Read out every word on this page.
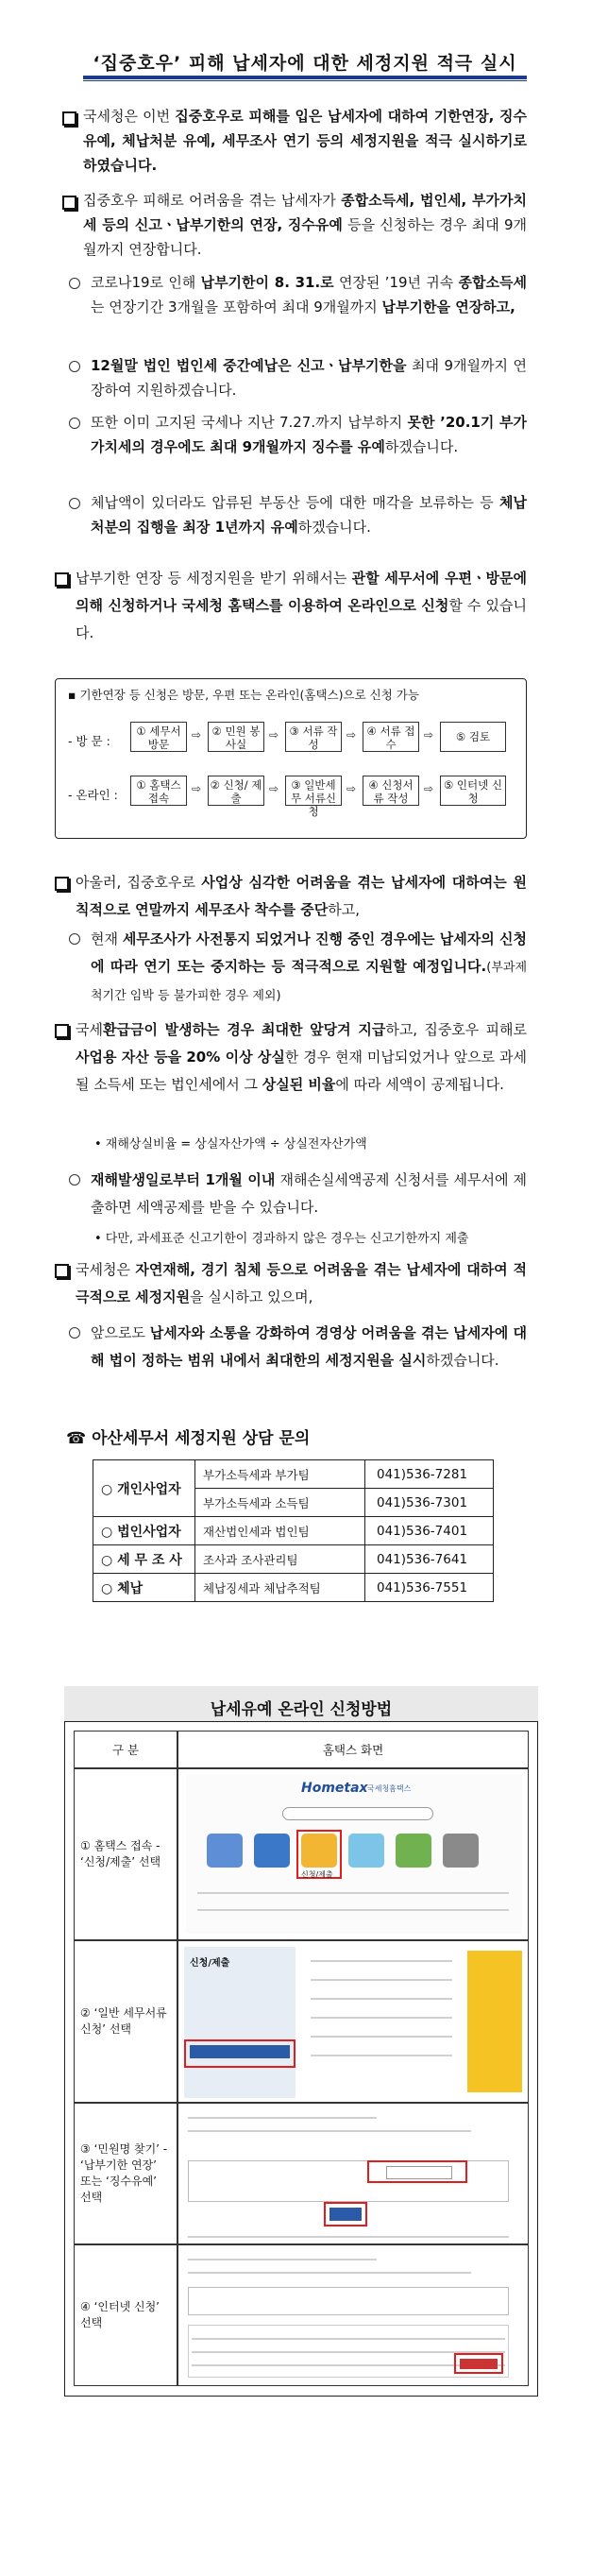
‘집중호우’ 피해 납세자에 대한 세정지원 적극 실시
국세청은 이번 집중호우로 피해를 입은 납세자에 대하여 기한연장, 징수유예, 체납처분 유예, 세무조사 연기 등의 세정지원을 적극 실시하기로 하였습니다.
집중호우 피해로 어려움을 겪는 납세자가 종합소득세, 법인세, 부가가치세 등의 신고ㆍ납부기한의 연장, 징수유예 등을 신청하는 경우 최대 9개월까지 연장합니다.
코로나19로 인해 납부기한이 8. 31.로 연장된 ’19년 귀속 종합소득세는 연장기간 3개월을 포함하여 최대 9개월까지 납부기한을 연장하고,
12월말 법인 법인세 중간예납은 신고ㆍ납부기한을 최대 9개월까지 연장하여 지원하겠습니다.
또한 이미 고지된 국세나 지난 7.27.까지 납부하지 못한 ’20.1기 부가가치세의 경우에도 최대 9개월까지 징수를 유예하겠습니다.
체납액이 있더라도 압류된 부동산 등에 대한 매각을 보류하는 등 체납처분의 집행을 최장 1년까지 유예하겠습니다.
납부기한 연장 등 세정지원을 받기 위해서는 관할 세무서에 우편ㆍ방문에 의해 신청하거나 국세청 홈택스를 이용하여 온라인으로 신청할 수 있습니다.
▪ 기한연장 등 신청은 방문, 우편 또는 온라인(홈택스)으로 신청 가능
- 방 문 :
① 세무서 방문
⇨ ② 민원 봉사실
⇨ ③ 서류 작성
⇨ ④ 서류 접수
⇨	⑤ 검토
- 온라인 :
① 홈택스 접속
⇨ ② 신청/ 제출
⇨	③ 일반세무 서류신청
⇨	④ 신청서류 작성
⇨ ⑤ 인터넷 신청
아울러, 집중호우로 사업상 심각한 어려움을 겪는 납세자에 대하여는 원칙적으로 연말까지 세무조사 착수를 중단하고,
현재 세무조사가 사전통지 되었거나 진행 중인 경우에는 납세자의 신청에 따라 연기 또는 중지하는 등 적극적으로 지원할 예정입니다.(부과제척기간 임박 등 불가피한 경우 제외)
국세환급금이 발생하는 경우 최대한 앞당겨 지급하고, 집중호우 피해로 사업용 자산 등을 20% 이상 상실한 경우 현재 미납되었거나 앞으로 과세될 소득세 또는 법인세에서 그 상실된 비율에 따라 세액이 공제됩니다.
• 재해상실비율 = 상실자산가액 ÷ 상실전자산가액
재해발생일로부터 1개월 이내 재해손실세액공제 신청서를 세무서에 제출하면 세액공제를 받을 수 있습니다.
• 다만, 과세표준 신고기한이 경과하지 않은 경우는 신고기한까지 제출
국세청은 자연재해, 경기 침체 등으로 어려움을 겪는 납세자에 대하여 적극적으로 세정지원을 실시하고 있으며,
앞으로도 납세자와 소통을 강화하여 경영상 어려움을 겪는 납세자에 대해 법이 정하는 범위 내에서 최대한의 세정지원을 실시하겠습니다.
☎ 아산세무서 세정지원 상담 문의
○ 개인사업자	부가소득세과 부가팀	041)536-7281
	부가소득세과 소득팀	041)536-7301
○ 법인사업자	재산법인세과 법인팀	041)536-7401
○ 세 무 조 사	조사과 조사관리팀	041)536-7641
○ 체납	체납징세과 체납추적팀	041)536-7551
납세유예 온라인 신청방법
구 분	홈택스 화면
① 홈택스 접속 - ‘신청/제출’ 선택
Hometax 국세청홈택스
신청/제출
② ‘일반 세무서류 신청’ 선택
신청/제출
③ ‘민원명 찾기’ - ‘납부기한 연장’ 또는 ‘징수유예’ 선택
④ ‘인터넷 신청’ 선택
